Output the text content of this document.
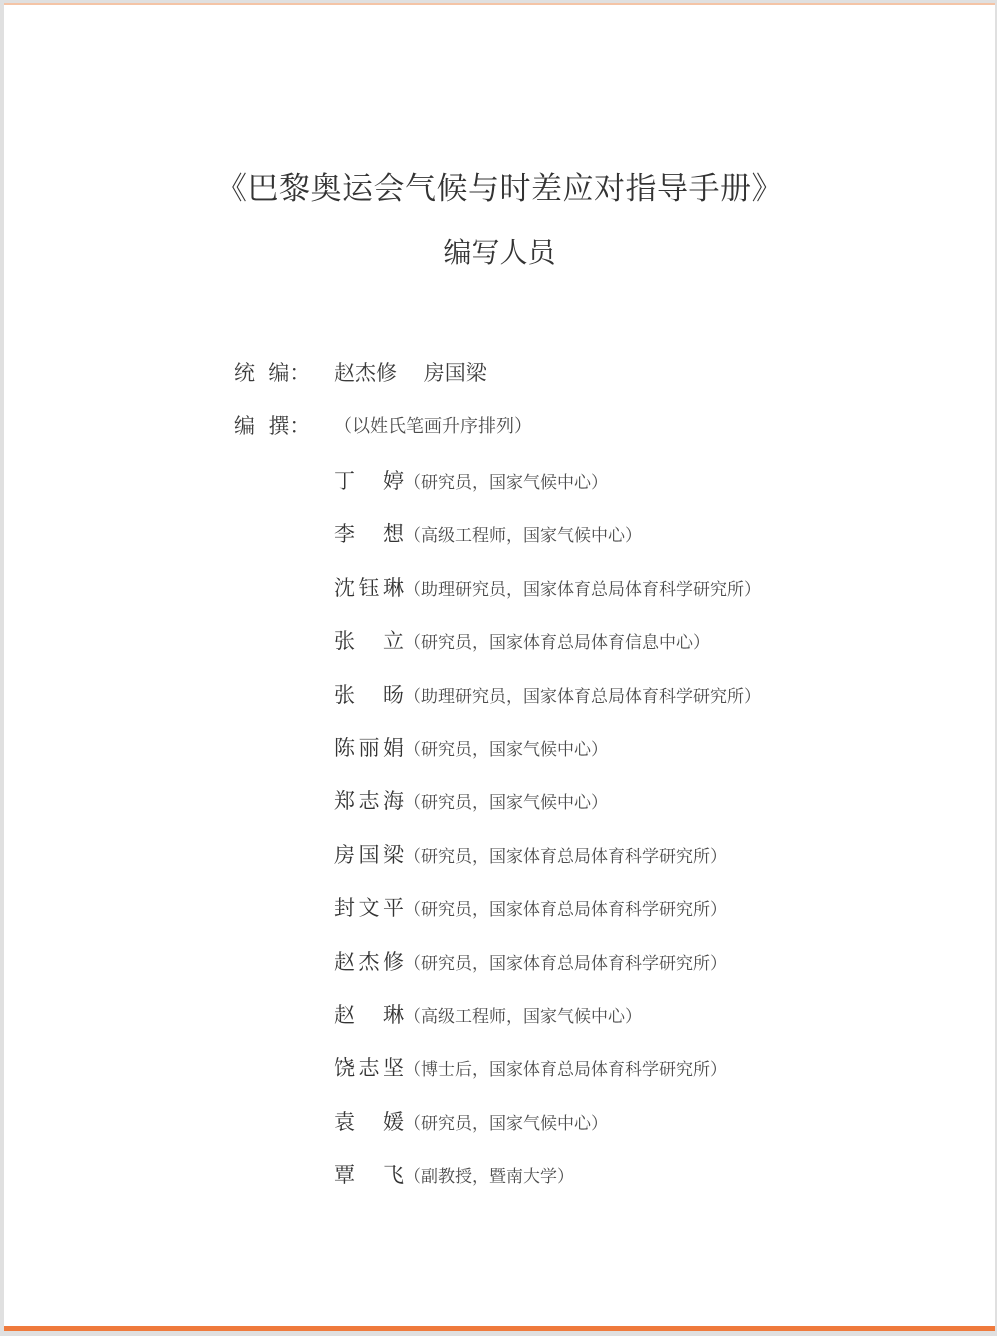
《巴黎奥运会气候与时差应对指导手册》
编写人员
统  编： 赵杰修    房国梁
编  撰： （以姓氏笔画升序排列）
丁  婷（研究员，国家气候中心）
李  想（高级工程师，国家气候中心）
沈钰琳（助理研究员，国家体育总局体育科学研究所）
张  立（研究员，国家体育总局体育信息中心）
张  旸（助理研究员，国家体育总局体育科学研究所）
陈丽娟（研究员，国家气候中心）
郑志海（研究员，国家气候中心）
房国梁（研究员，国家体育总局体育科学研究所）
封文平（研究员，国家体育总局体育科学研究所）
赵杰修（研究员，国家体育总局体育科学研究所）
赵  琳（高级工程师，国家气候中心）
饶志坚（博士后，国家体育总局体育科学研究所）
袁  媛（研究员，国家气候中心）
覃  飞（副教授，暨南大学）
